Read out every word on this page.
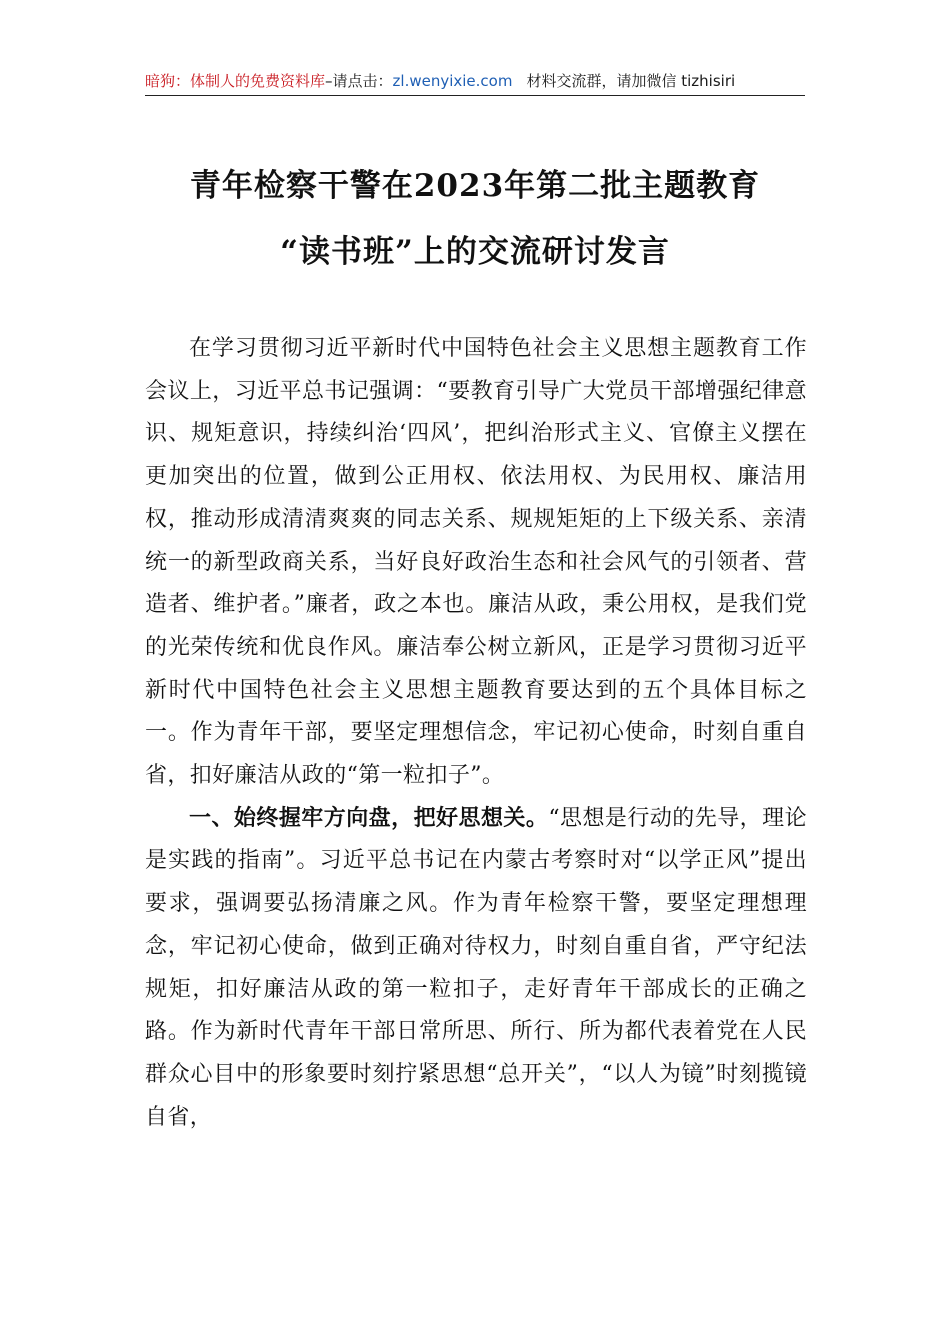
暗狗：体制人的免费资料库–请点击：zl.wenyixie.com 材料交流群，请加微信 tizhisiri
青年检察干警在2023年第二批主题教育
“读书班”上的交流研讨发言

在学习贯彻习近平新时代中国特色社会主义思想主题教育工作会议上，习近平总书记强调：“要教育引导广大党员干部增强纪律意识、规矩意识，持续纠治‘四风’，把纠治形式主义、官僚主义摆在更加突出的位置，做到公正用权、依法用权、为民用权、廉洁用权，推动形成清清爽爽的同志关系、规规矩矩的上下级关系、亲清统一的新型政商关系，当好良好政治生态和社会风气的引领者、营造者、维护者。”廉者，政之本也。廉洁从政，秉公用权，是我们党的光荣传统和优良作风。廉洁奉公树立新风，正是学习贯彻习近平新时代中国特色社会主义思想主题教育要达到的五个具体目标之一。作为青年干部，要坚定理想信念，牢记初心使命，时刻自重自省，扣好廉洁从政的“第一粒扣子”。

一、始终握牢方向盘，把好思想关。“思想是行动的先导，理论是实践的指南”。习近平总书记在内蒙古考察时对“以学正风”提出要求，强调要弘扬清廉之风。作为青年检察干警，要坚定理想理念，牢记初心使命，做到正确对待权力，时刻自重自省，严守纪法规矩，扣好廉洁从政的第一粒扣子，走好青年干部成长的正确之路。作为新时代青年干部日常所思、所行、所为都代表着党在人民群众心目中的形象要时刻拧紧思想“总开关”，“以人为镜”时刻揽镜自省，
